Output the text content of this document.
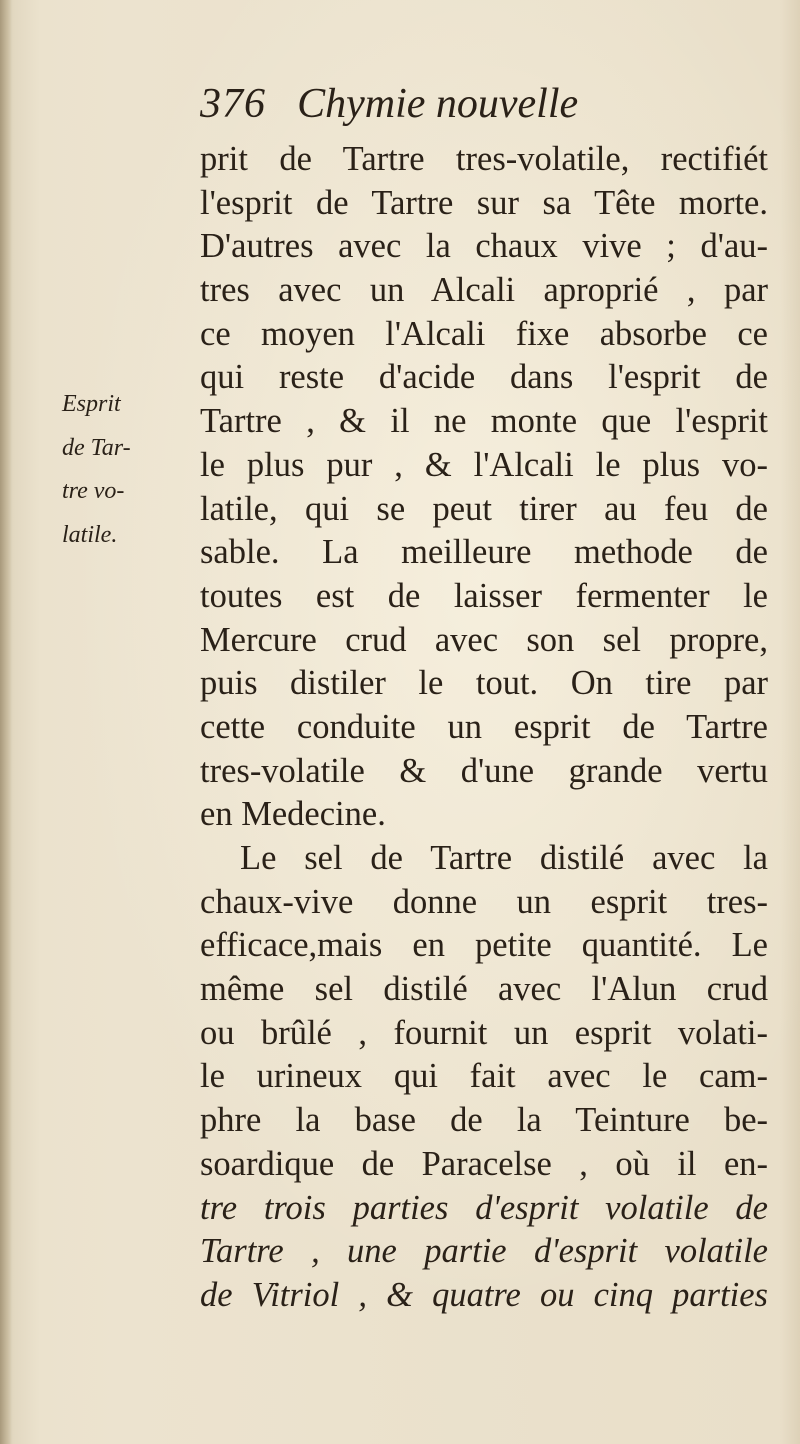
376 Chymie nouvelle
Esprit
de Tar-
tre vo-
latile.
prit de Tartre tres-volatile, rectifiét
l'esprit de Tartre sur sa Tête morte.
D'autres avec la chaux vive ; d'au-
tres avec un Alcali aproprié , par
ce moyen l'Alcali fixe absorbe ce
qui reste d'acide dans l'esprit de
Tartre , & il ne monte que l'esprit
le plus pur , & l'Alcali le plus vo-
latile, qui se peut tirer au feu de
sable. La meilleure methode de
toutes est de laisser fermenter le
Mercure crud avec son sel propre,
puis distiler le tout. On tire par
cette conduite un esprit de Tartre
tres-volatile & d'une grande vertu
en Medecine.
Le sel de Tartre distilé avec la
chaux-vive donne un esprit tres-
efficace,mais en petite quantité. Le
même sel distilé avec l'Alun crud
ou brûlé , fournit un esprit volati-
le urineux qui fait avec le cam-
phre la base de la Teinture be-
soardique de Paracelse , où il en-
tre trois parties d'esprit volatile de
Tartre , une partie d'esprit volatile
de Vitriol , & quatre ou cinq parties
